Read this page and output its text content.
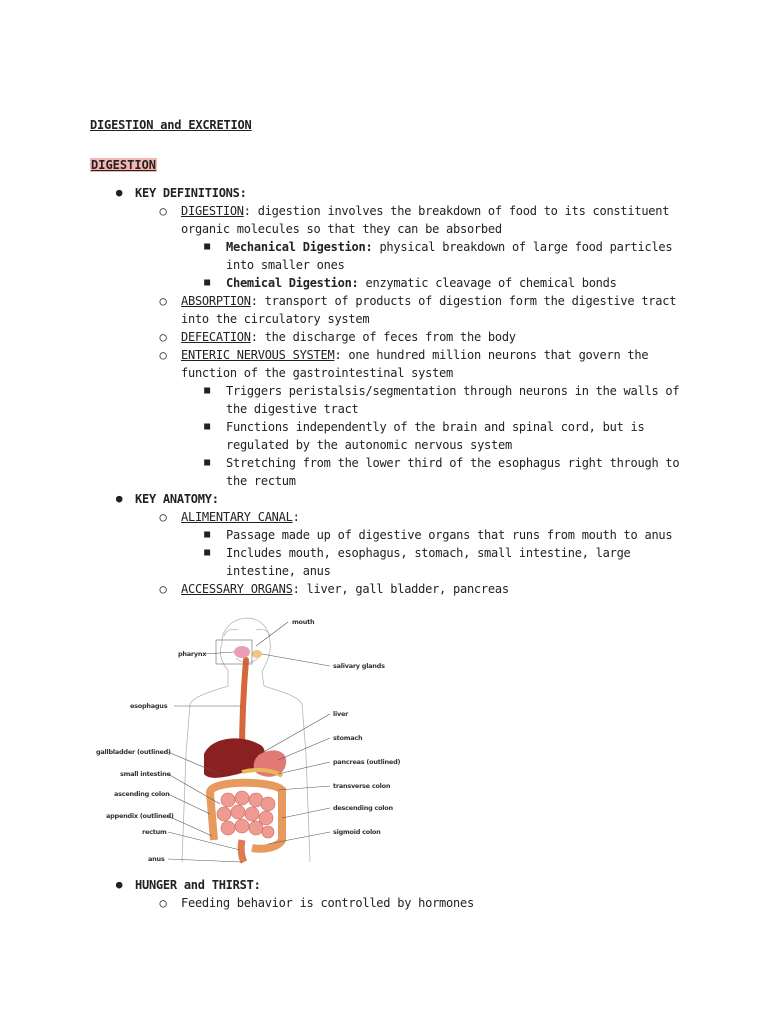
DIGESTION and EXCRETION
DIGESTION
●	KEY DEFINITIONS:
○	DIGESTION: digestion involves the breakdown of food to its constituent
organic molecules so that they can be absorbed
■	Mechanical Digestion: physical breakdown of large food particles
into smaller ones
■	Chemical Digestion: enzymatic cleavage of chemical bonds
○	ABSORPTION: transport of products of digestion form the digestive tract
into the circulatory system
○	DEFECATION: the discharge of feces from the body
○	ENTERIC NERVOUS SYSTEM: one hundred million neurons that govern the
function of the gastrointestinal system
■	Triggers peristalsis/segmentation through neurons in the walls of
the digestive tract
■	Functions independently of the brain and spinal cord, but is
regulated by the autonomic nervous system
■	Stretching from the lower third of the esophagus right through to
the rectum
●	KEY ANATOMY:
○	ALIMENTARY CANAL:
■	Passage made up of digestive organs that runs from mouth to anus
■	Includes mouth, esophagus, stomach, small intestine, large
intestine, anus
○	ACCESSARY ORGANS: liver, gall bladder, pancreas
mouth
pharynx
salivary glands
esophagus
liver
stomach
gallbladder (outlined)
pancreas (outlined)
small intestine
transverse colon
ascending colon
descending colon
appendix (outlined)
rectum	sigmoid colon
anus
●	HUNGER and THIRST:
○	Feeding behavior is controlled by hormones
